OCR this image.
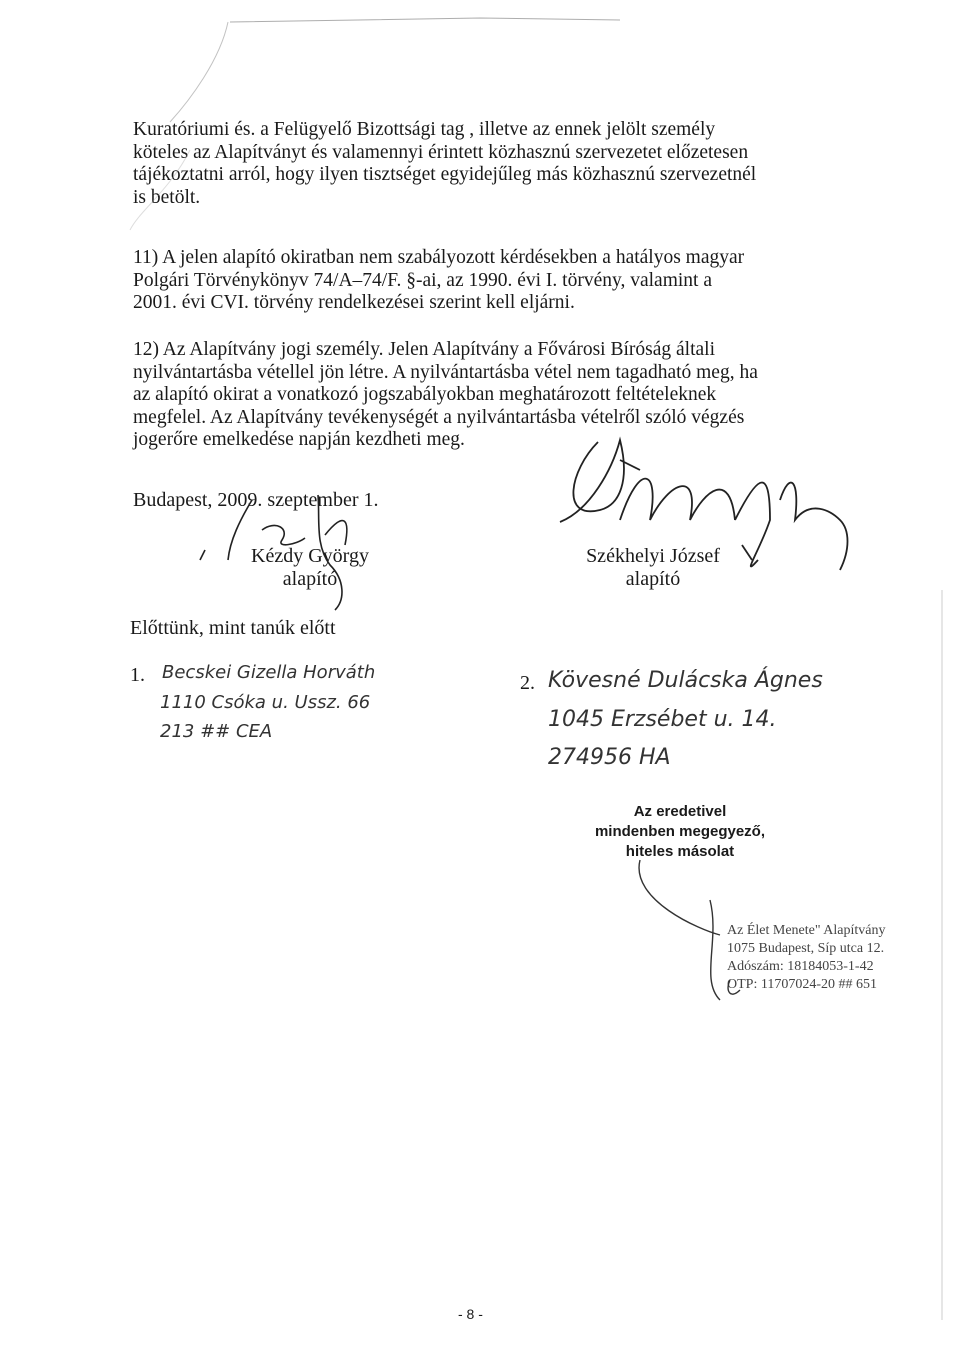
Kuratóriumi és. a Felügyelő Bizottsági tag , illetve az ennek jelölt személy
köteles az Alapítványt és valamennyi érintett közhasznú szervezetet előzetesen
tájékoztatni arról, hogy ilyen tisztséget egyidejűleg más közhasznú szervezetnél
is betölt.
11) A jelen alapító okiratban nem szabályozott kérdésekben a hatályos magyar
Polgári Törvénykönyv 74/A–74/F. §-ai, az 1990. évi I. törvény, valamint a
2001. évi CVI. törvény rendelkezései szerint kell eljárni.
12) Az Alapítvány jogi személy. Jelen Alapítvány a Fővárosi Bíróság általi
nyilvántartásba vétellel jön létre. A nyilvántartásba vétel nem tagadható meg, ha
az alapító okirat a vonatkozó jogszabályokban meghatározott feltételeknek
megfelel. Az Alapítvány tevékenységét a nyilvántartásba vételről szóló végzés
jogerőre emelkedése napján kezdheti meg.
Budapest, 2009. szeptember 1.
Kézdy György
alapító
Székhelyi József
alapító
Előttünk, mint tanúk előtt
1. Becskei Gizella Horváth
1110 Csóka u. Ussz. 66
213 ## CEA
2. Kövesné Dulácska Ágnes
1045 Erzsébet u. 14.
274956 HA
Az eredetivel
mindenben megegyező,
hiteles másolat
Az Élet Menete" Alapítvány
1075 Budapest, Síp utca 12.
Adószám: 18184053-1-42
OTP: 11707024-20 ## 651
- 8 -
